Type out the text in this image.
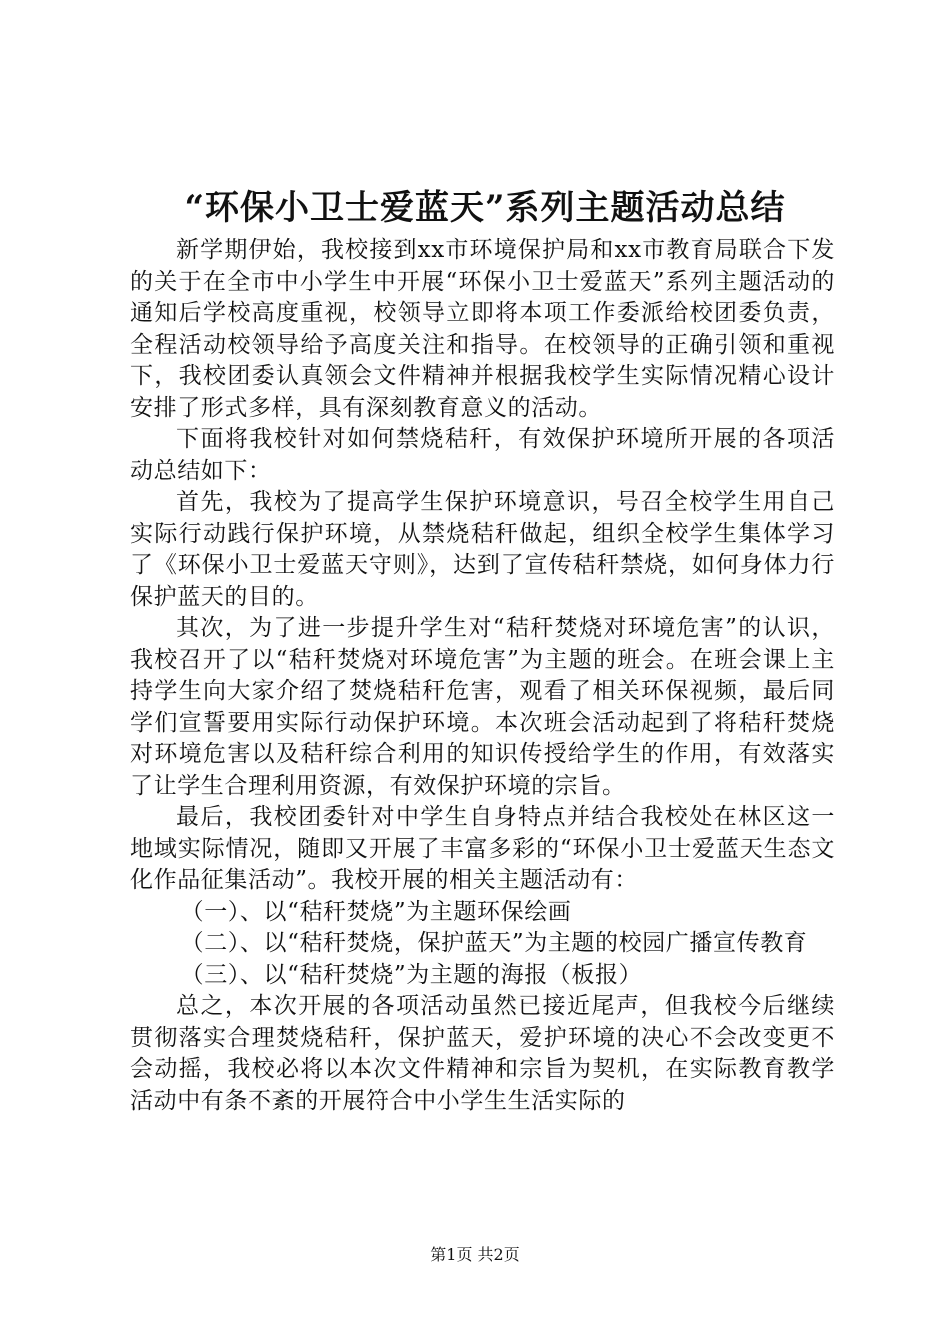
“环保小卫士爱蓝天”系列主题活动总结

新学期伊始，我校接到xx市环境保护局和xx市教育局联合下发的关于在全市中小学生中开展“环保小卫士爱蓝天”系列主题活动的通知后学校高度重视，校领导立即将本项工作委派给校团委负责，全程活动校领导给予高度关注和指导。在校领导的正确引领和重视下，我校团委认真领会文件精神并根据我校学生实际情况精心设计安排了形式多样，具有深刻教育意义的活动。

下面将我校针对如何禁烧秸秆，有效保护环境所开展的各项活动总结如下：

首先，我校为了提高学生保护环境意识，号召全校学生用自己实际行动践行保护环境，从禁烧秸秆做起，组织全校学生集体学习了《环保小卫士爱蓝天守则》，达到了宣传秸秆禁烧，如何身体力行保护蓝天的目的。

其次，为了进一步提升学生对“秸秆焚烧对环境危害”的认识，我校召开了以“秸秆焚烧对环境危害”为主题的班会。在班会课上主持学生向大家介绍了焚烧秸秆危害，观看了相关环保视频，最后同学们宣誓要用实际行动保护环境。本次班会活动起到了将秸秆焚烧对环境危害以及秸秆综合利用的知识传授给学生的作用，有效落实了让学生合理利用资源，有效保护环境的宗旨。

最后，我校团委针对中学生自身特点并结合我校处在林区这一地域实际情况，随即又开展了丰富多彩的“环保小卫士爱蓝天生态文化作品征集活动”。我校开展的相关主题活动有：

（一）、以“秸秆焚烧”为主题环保绘画

（二）、以“秸秆焚烧，保护蓝天”为主题的校园广播宣传教育

（三）、以“秸秆焚烧”为主题的海报（板报）

总之，本次开展的各项活动虽然已接近尾声，但我校今后继续贯彻落实合理焚烧秸秆，保护蓝天，爱护环境的决心不会改变更不会动摇，我校必将以本次文件精神和宗旨为契机，在实际教育教学活动中有条不紊的开展符合中小学生生活实际的

第1页 共2页
